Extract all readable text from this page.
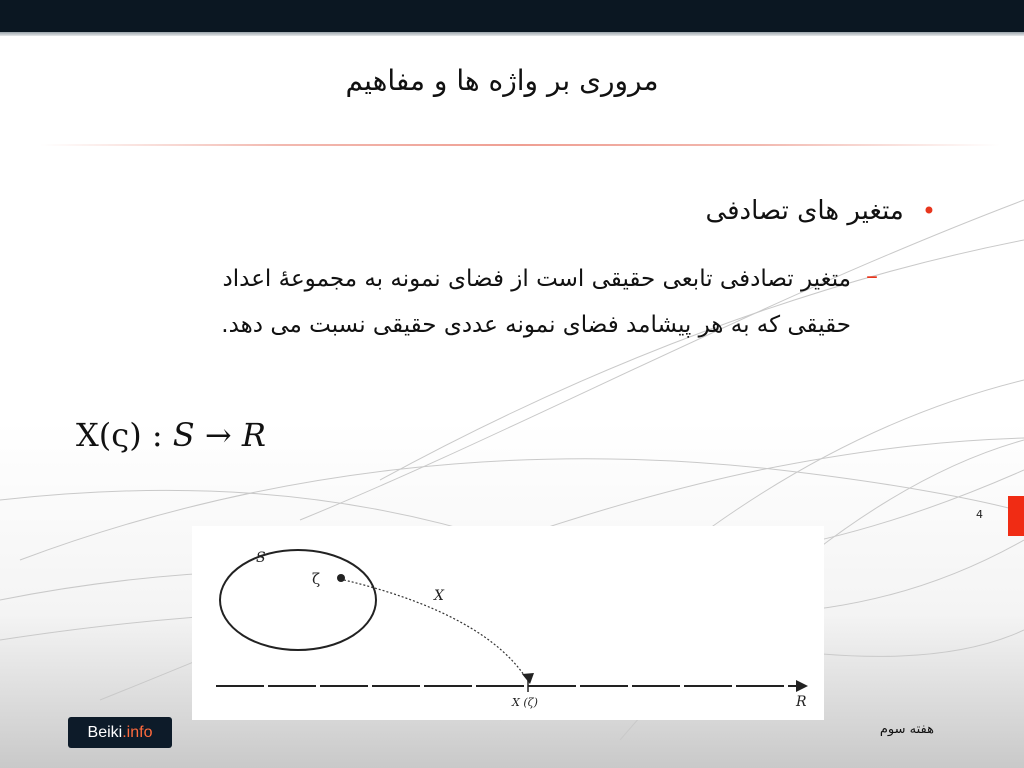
مروری بر واژه ها و مفاهیم
•
متغیر های تصادفی
–
متغیر تصادفی تابعی حقیقی است از فضای نمونه به مجموعۀ اعداد
حقیقی که به هر پیشامد فضای نمونه عددی حقیقی نسبت می دهد.
X(ς) : S → R
4
S
ζ
X
R
X (ζ)
Beiki .info	هفته سوم
